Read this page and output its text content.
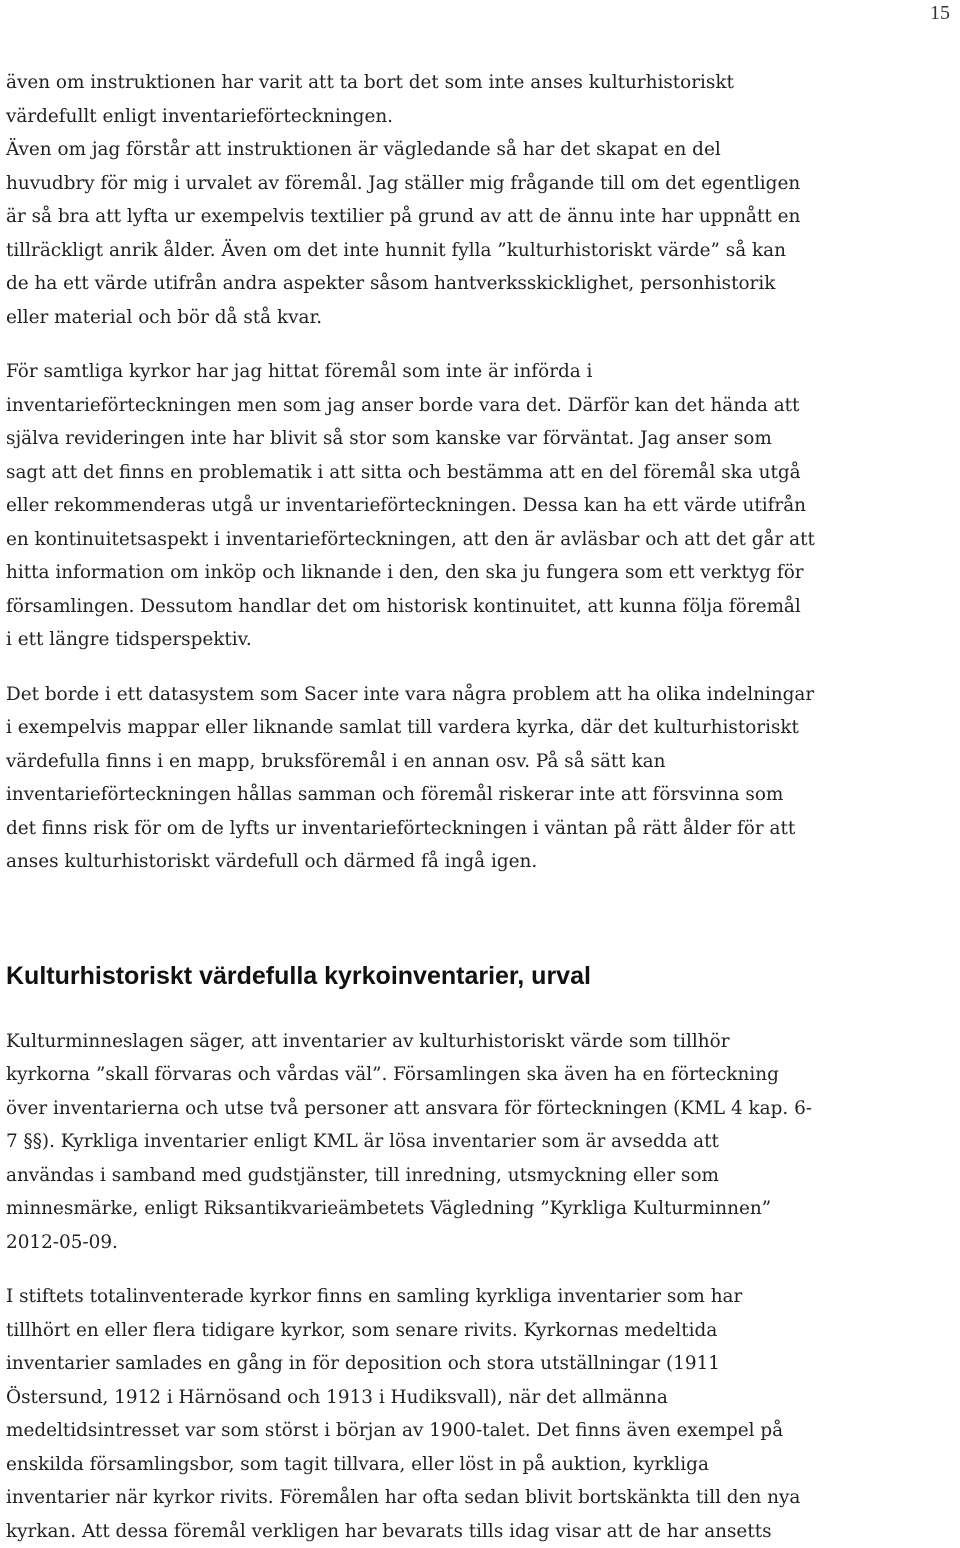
15

även om instruktionen har varit att ta bort det som inte anses kulturhistoriskt
värdefullt enligt inventarieförteckningen.
Även om jag förstår att instruktionen är vägledande så har det skapat en del
huvudbry för mig i urvalet av föremål. Jag ställer mig frågande till om det egentligen
är så bra att lyfta ur exempelvis textilier på grund av att de ännu inte har uppnått en
tillräckligt anrik ålder. Även om det inte hunnit fylla ”kulturhistoriskt värde” så kan
de ha ett värde utifrån andra aspekter såsom hantverksskicklighet, personhistorik
eller material och bör då stå kvar.

För samtliga kyrkor har jag hittat föremål som inte är införda i
inventarieförteckningen men som jag anser borde vara det. Därför kan det hända att
själva revideringen inte har blivit så stor som kanske var förväntat. Jag anser som
sagt att det finns en problematik i att sitta och bestämma att en del föremål ska utgå
eller rekommenderas utgå ur inventarieförteckningen. Dessa kan ha ett värde utifrån
en kontinuitetsaspekt i inventarieförteckningen, att den är avläsbar och att det går att
hitta information om inköp och liknande i den, den ska ju fungera som ett verktyg för
församlingen. Dessutom handlar det om historisk kontinuitet, att kunna följa föremål
i ett längre tidsperspektiv.

Det borde i ett datasystem som Sacer inte vara några problem att ha olika indelningar
i exempelvis mappar eller liknande samlat till vardera kyrka, där det kulturhistoriskt
värdefulla finns i en mapp, bruksföremål i en annan osv. På så sätt kan
inventarieförteckningen hållas samman och föremål riskerar inte att försvinna som
det finns risk för om de lyfts ur inventarieförteckningen i väntan på rätt ålder för att
anses kulturhistoriskt värdefull och därmed få ingå igen.

Kulturhistoriskt värdefulla kyrkoinventarier, urval

Kulturminneslagen säger, att inventarier av kulturhistoriskt värde som tillhör
kyrkorna ”skall förvaras och vårdas väl”. Församlingen ska även ha en förteckning
över inventarierna och utse två personer att ansvara för förteckningen (KML 4 kap. 6-
7 §§). Kyrkliga inventarier enligt KML är lösa inventarier som är avsedda att
användas i samband med gudstjänster, till inredning, utsmyckning eller som
minnesmärke, enligt Riksantikvarieämbetets Vägledning ”Kyrkliga Kulturminnen”
2012-05-09.

I stiftets totalinventerade kyrkor finns en samling kyrkliga inventarier som har
tillhört en eller flera tidigare kyrkor, som senare rivits. Kyrkornas medeltida
inventarier samlades en gång in för deposition och stora utställningar (1911
Östersund, 1912 i Härnösand och 1913 i Hudiksvall), när det allmänna
medeltidsintresset var som störst i början av 1900-talet. Det finns även exempel på
enskilda församlingsbor, som tagit tillvara, eller löst in på auktion, kyrkliga
inventarier när kyrkor rivits. Föremålen har ofta sedan blivit bortskänkta till den nya
kyrkan. Att dessa föremål verkligen har bevarats tills idag visar att de har ansetts
